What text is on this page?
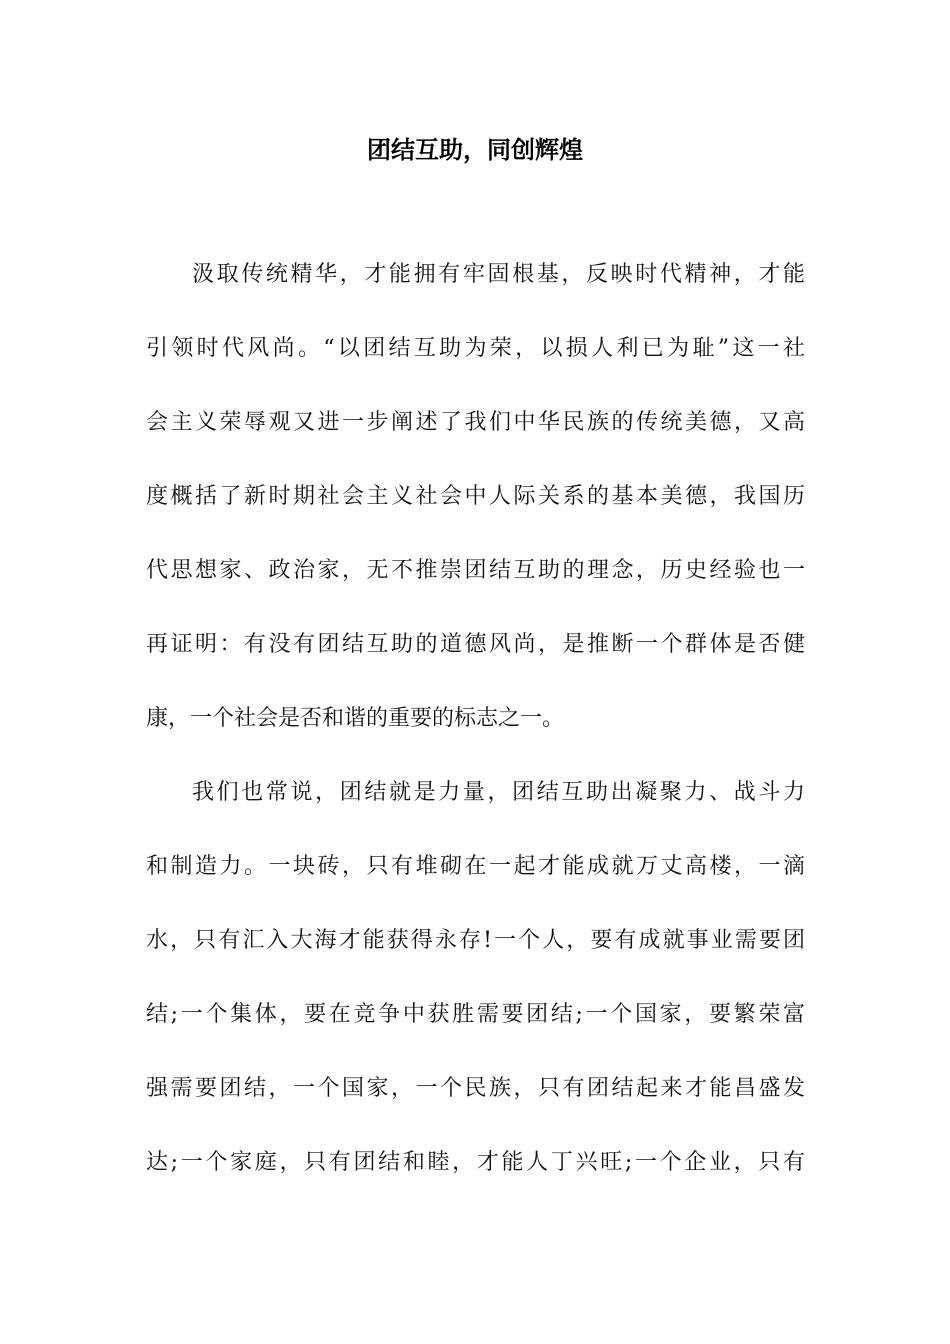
团结互助，同创辉煌
汲取传统精华，才能拥有牢固根基，反映时代精神，才能
引领时代风尚。“以团结互助为荣，以损人利已为耻”这一社
会主义荣辱观又进一步阐述了我们中华民族的传统美德，又高
度概括了新时期社会主义社会中人际关系的基本美德，我国历
代思想家、政治家，无不推崇团结互助的理念，历史经验也一
再证明：有没有团结互助的道德风尚，是推断一个群体是否健
康，一个社会是否和谐的重要的标志之一。
我们也常说，团结就是力量，团结互助出凝聚力、战斗力
和制造力。一块砖，只有堆砌在一起才能成就万丈高楼，一滴
水，只有汇入大海才能获得永存!一个人，要有成就事业需要团
结;一个集体，要在竞争中获胜需要团结;一个国家，要繁荣富
强需要团结，一个国家，一个民族，只有团结起来才能昌盛发
达;一个家庭，只有团结和睦，才能人丁兴旺;一个企业，只有
